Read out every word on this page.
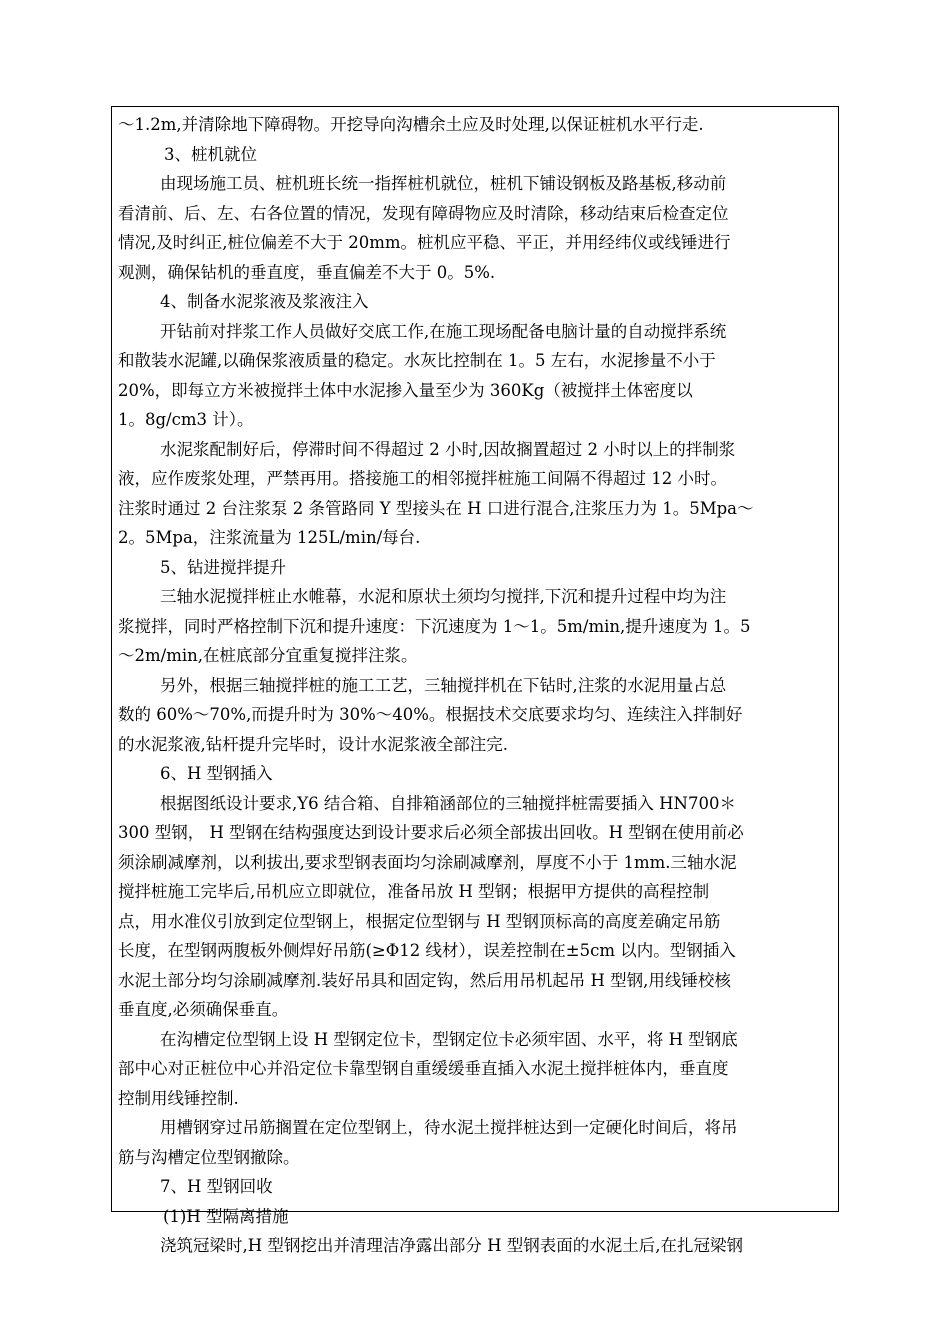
～1.2m,并清除地下障碍物。开挖导向沟槽余土应及时处理,以保证桩机水平行走.
3、桩机就位
由现场施工员、桩机班长统一指挥桩机就位，桩机下铺设钢板及路基板,移动前
看清前、后、左、右各位置的情况，发现有障碍物应及时清除，移动结束后检查定位
情况,及时纠正,桩位偏差不大于 20mm。桩机应平稳、平正，并用经纬仪或线锤进行
观测，确保钻机的垂直度，垂直偏差不大于 0。5%.
4、制备水泥浆液及浆液注入
开钻前对拌浆工作人员做好交底工作,在施工现场配备电脑计量的自动搅拌系统
和散装水泥罐,以确保浆液质量的稳定。水灰比控制在 1。5 左右，水泥掺量不小于
20%，即每立方米被搅拌土体中水泥掺入量至少为 360Kg（被搅拌土体密度以
1。8g/cm3 计）。
水泥浆配制好后，停滞时间不得超过 2 小时,因故搁置超过 2 小时以上的拌制浆
液，应作废浆处理，严禁再用。搭接施工的相邻搅拌桩施工间隔不得超过 12 小时。
注浆时通过 2 台注浆泵 2 条管路同 Y 型接头在 H 口进行混合,注浆压力为 1。5Mpa～
2。5Mpa，注浆流量为 125L/min/每台.
5、钻进搅拌提升
三轴水泥搅拌桩止水帷幕，水泥和原状土须均匀搅拌,下沉和提升过程中均为注
浆搅拌，同时严格控制下沉和提升速度：下沉速度为 1～1。5m/min,提升速度为 1。5
～2m/min,在桩底部分宜重复搅拌注浆。
另外，根据三轴搅拌桩的施工工艺，三轴搅拌机在下钻时,注浆的水泥用量占总
数的 60%～70%,而提升时为 30%～40%。根据技术交底要求均匀、连续注入拌制好
的水泥浆液,钻杆提升完毕时，设计水泥浆液全部注完.
6、H 型钢插入
根据图纸设计要求,Y6 结合箱、自排箱涵部位的三轴搅拌桩需要插入 HN700＊
300 型钢， H 型钢在结构强度达到设计要求后必须全部拔出回收。H 型钢在使用前必
须涂刷减摩剂，以利拔出,要求型钢表面均匀涂刷减摩剂，厚度不小于 1mm.三轴水泥
搅拌桩施工完毕后,吊机应立即就位，准备吊放 H 型钢；根据甲方提供的高程控制
点，用水准仪引放到定位型钢上，根据定位型钢与 H 型钢顶标高的高度差确定吊筋
长度，在型钢两腹板外侧焊好吊筋(≥Φ12 线材），误差控制在±5cm 以内。型钢插入
水泥土部分均匀涂刷减摩剂.装好吊具和固定钩，然后用吊机起吊 H 型钢,用线锤校核
垂直度,必须确保垂直。
在沟槽定位型钢上设 H 型钢定位卡，型钢定位卡必须牢固、水平，将 H 型钢底
部中心对正桩位中心并沿定位卡靠型钢自重缓缓垂直插入水泥土搅拌桩体内，垂直度
控制用线锤控制.
用槽钢穿过吊筋搁置在定位型钢上，待水泥土搅拌桩达到一定硬化时间后，将吊
筋与沟槽定位型钢撤除。
7、H 型钢回收
(1)H 型隔离措施
浇筑冠梁时,H 型钢挖出并清理洁净露出部分 H 型钢表面的水泥土后,在扎冠梁钢
